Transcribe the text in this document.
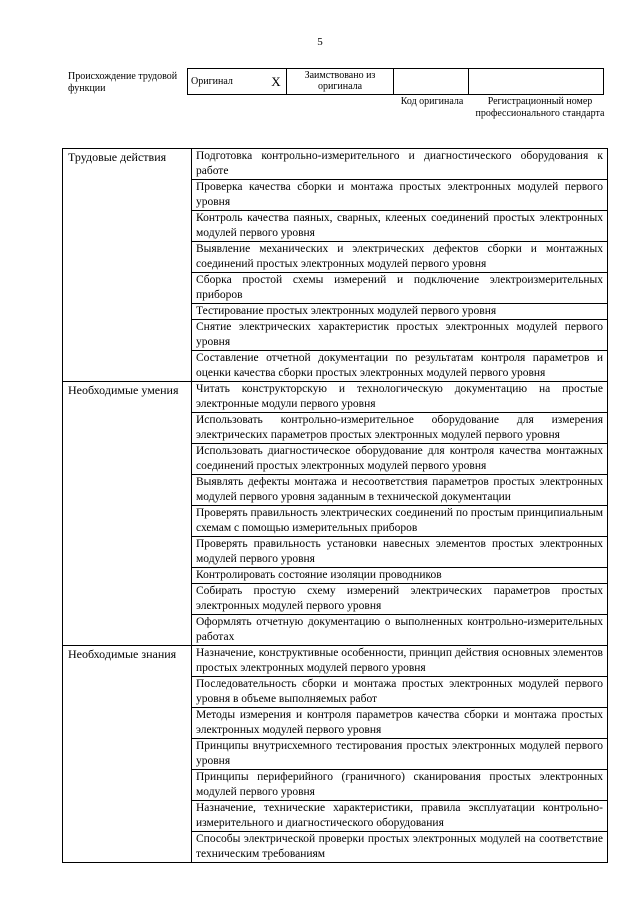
5
Происхождение трудовой функции
Оригинал	X	Заимствовано из оригинала		
Код оригинала	Регистрационный номер профессионального стандарта
Трудовые действия	Подготовка контрольно-измерительного и диагностического оборудования к работе
	Проверка качества сборки и монтажа простых электронных модулей первого уровня
	Контроль качества паяных, сварных, клееных соединений простых электронных модулей первого уровня
	Выявление механических и электрических дефектов сборки и монтажных соединений простых электронных модулей первого уровня
	Сборка простой схемы измерений и подключение электроизмерительных приборов
	Тестирование простых электронных модулей первого уровня
	Снятие электрических характеристик простых электронных модулей первого уровня
	Составление отчетной документации по результатам контроля параметров и оценки качества сборки простых электронных модулей первого уровня
Необходимые умения	Читать конструкторскую и технологическую документацию на простые электронные модули первого уровня
	Использовать контрольно-измерительное оборудование для измерения электрических параметров простых электронных модулей первого уровня
	Использовать диагностическое оборудование для контроля качества монтажных соединений простых электронных модулей первого уровня
	Выявлять дефекты монтажа и несоответствия параметров простых электронных модулей первого уровня заданным в технической документации
	Проверять правильность электрических соединений по простым принципиальным схемам с помощью измерительных приборов
	Проверять правильность установки навесных элементов простых электронных модулей первого уровня
	Контролировать состояние изоляции проводников
	Собирать простую схему измерений электрических параметров простых электронных модулей первого уровня
	Оформлять отчетную документацию о выполненных контрольно-измерительных работах
Необходимые знания	Назначение, конструктивные особенности, принцип действия основных элементов простых электронных модулей первого уровня
	Последовательность сборки и монтажа простых электронных модулей первого уровня в объеме выполняемых работ
	Методы измерения и контроля параметров качества сборки и монтажа простых электронных модулей первого уровня
	Принципы внутрисхемного тестирования простых электронных модулей первого уровня
	Принципы периферийного (граничного) сканирования простых электронных модулей первого уровня
	Назначение, технические характеристики, правила эксплуатации контрольно-измерительного и диагностического оборудования
	Способы электрической проверки простых электронных модулей на соответствие техническим требованиям
